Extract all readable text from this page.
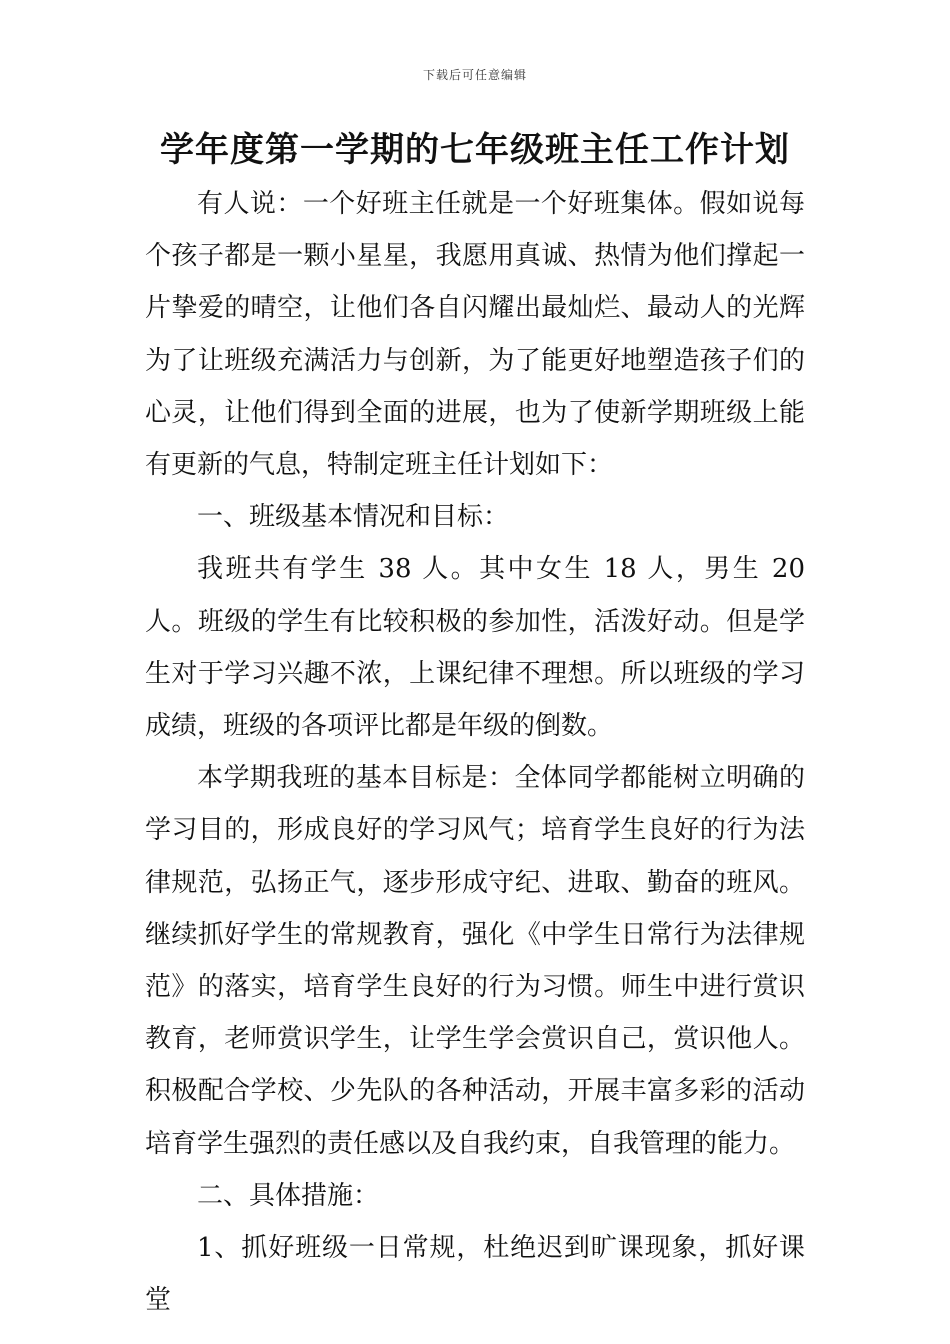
下载后可任意编辑
学年度第一学期的七年级班主任工作计划

有人说：一个好班主任就是一个好班集体。假如说每个孩子都是一颗小星星，我愿用真诚、热情为他们撑起一片挚爱的晴空，让他们各自闪耀出最灿烂、最动人的光辉为了让班级充满活力与创新，为了能更好地塑造孩子们的心灵，让他们得到全面的进展，也为了使新学期班级上能有更新的气息，特制定班主任计划如下：

一、班级基本情况和目标：

我班共有学生 38 人。其中女生 18 人，男生 20 人。班级的学生有比较积极的参加性，活泼好动。但是学生对于学习兴趣不浓，上课纪律不理想。所以班级的学习成绩，班级的各项评比都是年级的倒数。

本学期我班的基本目标是：全体同学都能树立明确的学习目的，形成良好的学习风气；培育学生良好的行为法律规范，弘扬正气，逐步形成守纪、进取、勤奋的班风。继续抓好学生的常规教育，强化《中学生日常行为法律规范》的落实，培育学生良好的行为习惯。师生中进行赏识教育，老师赏识学生，让学生学会赏识自己，赏识他人。积极配合学校、少先队的各种活动，开展丰富多彩的活动培育学生强烈的责任感以及自我约束，自我管理的能力。

二、具体措施：

1、抓好班级一日常规，杜绝迟到旷课现象，抓好课堂
